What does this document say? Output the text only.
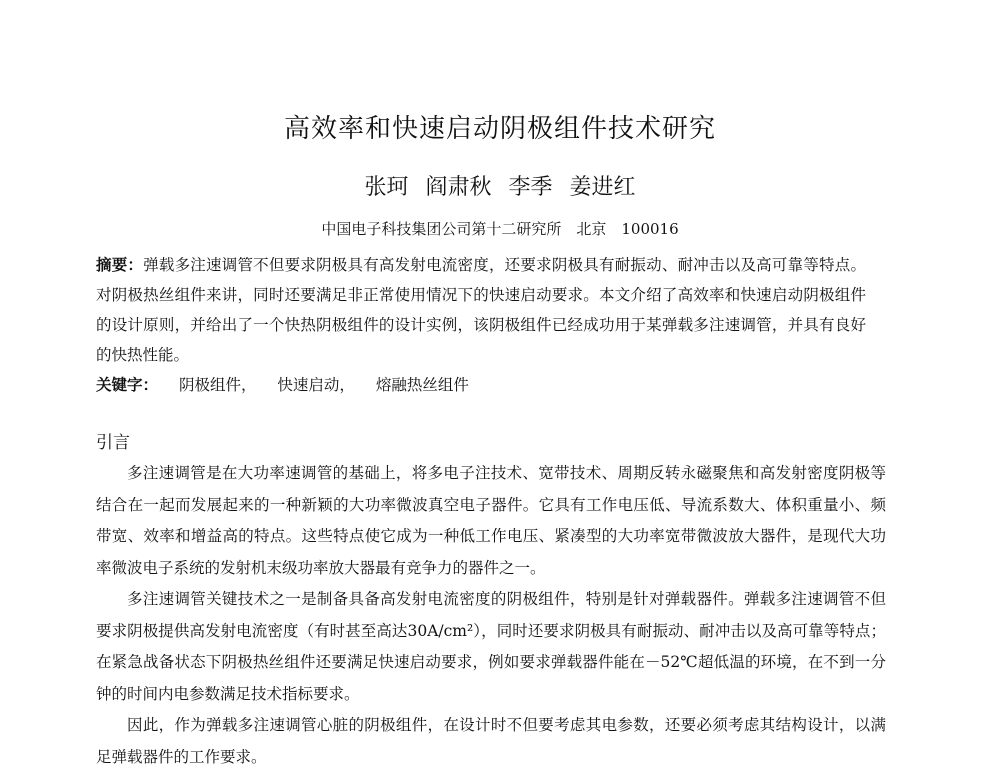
高效率和快速启动阴极组件技术研究
张珂 阎肃秋 李季 姜进红
中国电子科技集团公司第十二研究所　北京　100016

摘要：弹载多注速调管不但要求阴极具有高发射电流密度，还要求阴极具有耐振动、耐冲击以及高可靠等特点。对阴极热丝组件来讲，同时还要满足非正常使用情况下的快速启动要求。本文介绍了高效率和快速启动阴极组件的设计原则，并给出了一个快热阴极组件的设计实例，该阴极组件已经成功用于某弹载多注速调管，并具有良好的快热性能。

关键字： 阴极组件， 快速启动， 熔融热丝组件
引言

多注速调管是在大功率速调管的基础上，将多电子注技术、宽带技术、周期反转永磁聚焦和高发射密度阴极等结合在一起而发展起来的一种新颖的大功率微波真空电子器件。它具有工作电压低、导流系数大、体积重量小、频带宽、效率和增益高的特点。这些特点使它成为一种低工作电压、紧凑型的大功率宽带微波放大器件，是现代大功率微波电子系统的发射机末级功率放大器最有竞争力的器件之一。

多注速调管关键技术之一是制备具备高发射电流密度的阴极组件，特别是针对弹载器件。弹载多注速调管不但要求阴极提供高发射电流密度（有时甚至高达30A/cm²），同时还要求阴极具有耐振动、耐冲击以及高可靠等特点；在紧急战备状态下阴极热丝组件还要满足快速启动要求，例如要求弹载器件能在－52℃超低温的环境，在不到一分钟的时间内电参数满足技术指标要求。

因此，作为弹载多注速调管心脏的阴极组件，在设计时不但要考虑其电参数，还要必须考虑其结构设计，以满足弹载器件的工作要求。
